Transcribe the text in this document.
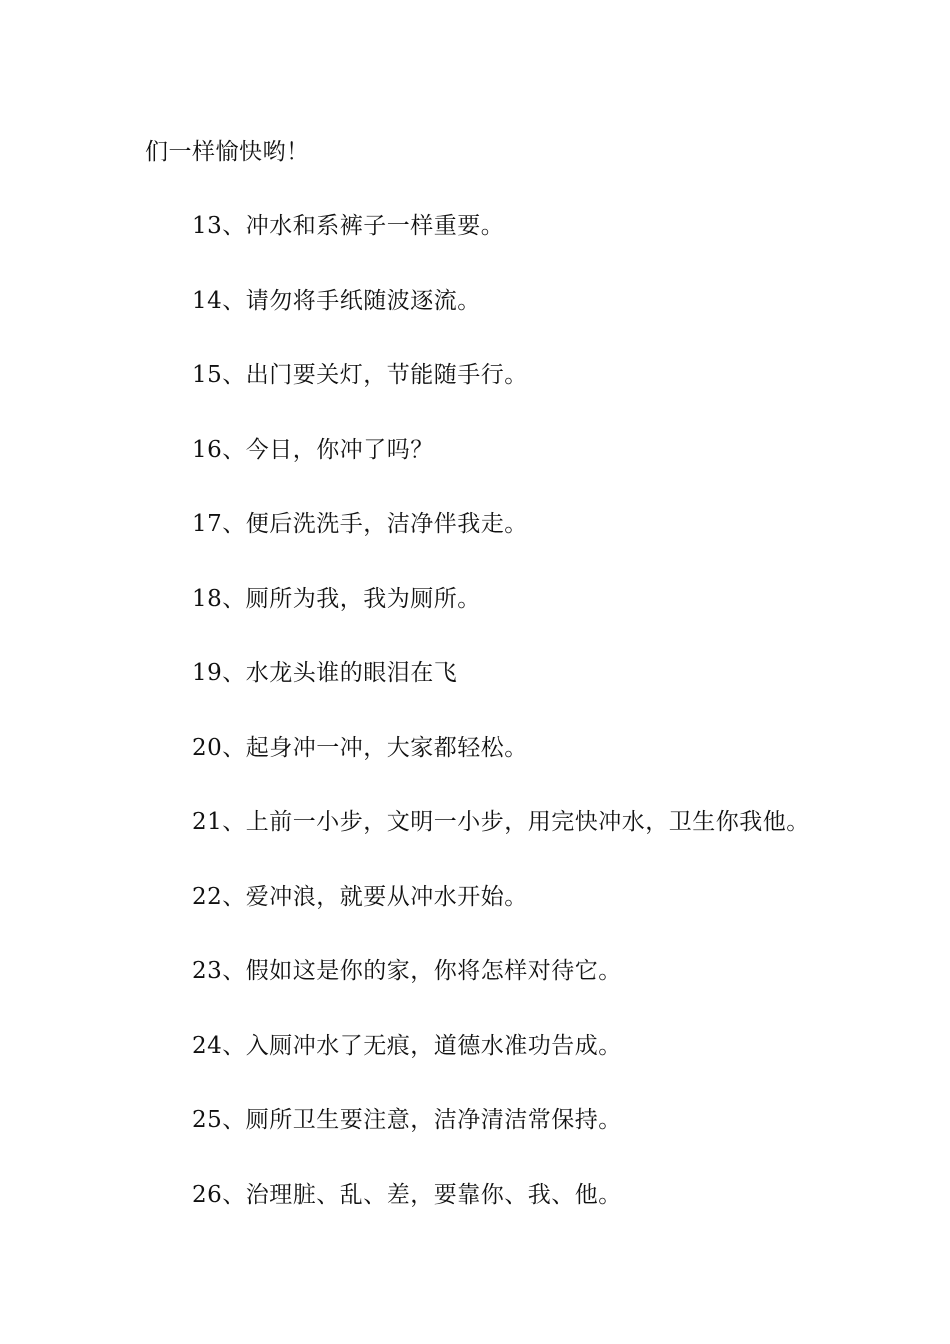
们一样愉快哟！
13、冲水和系裤子一样重要。
14、请勿将手纸随波逐流。
15、出门要关灯，节能随手行。
16、今日，你冲了吗？
17、便后洗洗手，洁净伴我走。
18、厕所为我，我为厕所。
19、水龙头谁的眼泪在飞
20、起身冲一冲，大家都轻松。
21、上前一小步，文明一小步，用完快冲水，卫生你我他。
22、爱冲浪，就要从冲水开始。
23、假如这是你的家，你将怎样对待它。
24、入厕冲水了无痕，道德水准功告成。
25、厕所卫生要注意，洁净清洁常保持。
26、治理脏、乱、差，要靠你、我、他。
